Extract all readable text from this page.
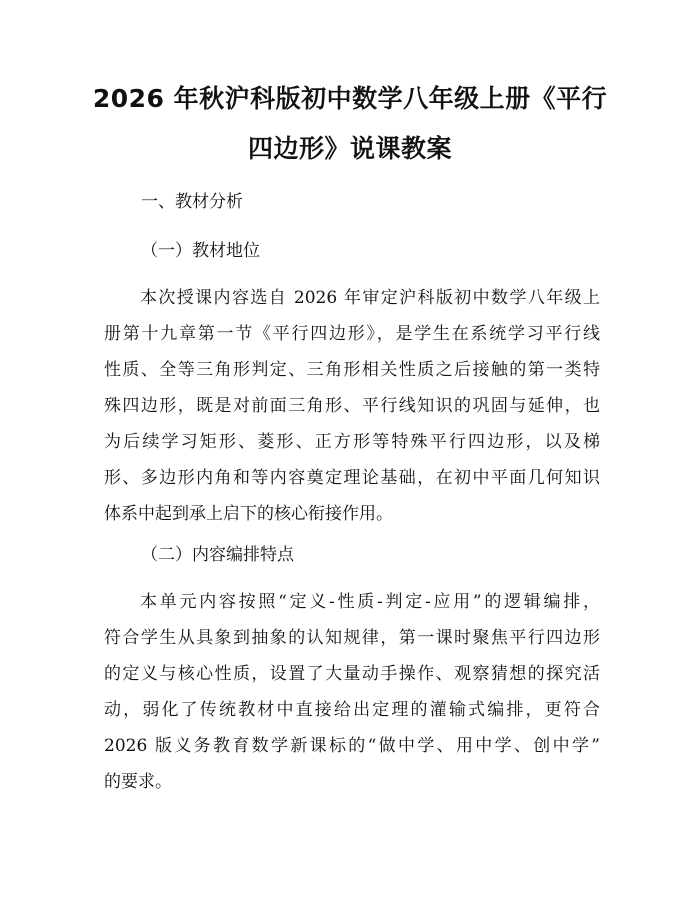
2026 年秋沪科版初中数学八年级上册《平行
四边形》说课教案
一、教材分析
（一）教材地位
本次授课内容选自 2026 年审定沪科版初中数学八年级上
册第十九章第一节《平行四边形》，是学生在系统学习平行线
性质、全等三角形判定、三角形相关性质之后接触的第一类特
殊四边形，既是对前面三角形、平行线知识的巩固与延伸，也
为后续学习矩形、菱形、正方形等特殊平行四边形，以及梯
形、多边形内角和等内容奠定理论基础，在初中平面几何知识
体系中起到承上启下的核心衔接作用。
（二）内容编排特点
本单元内容按照“定义-性质-判定-应用”的逻辑编排，
符合学生从具象到抽象的认知规律，第一课时聚焦平行四边形
的定义与核心性质，设置了大量动手操作、观察猜想的探究活
动，弱化了传统教材中直接给出定理的灌输式编排，更符合
2026 版义务教育数学新课标的“做中学、用中学、创中学”
的要求。
